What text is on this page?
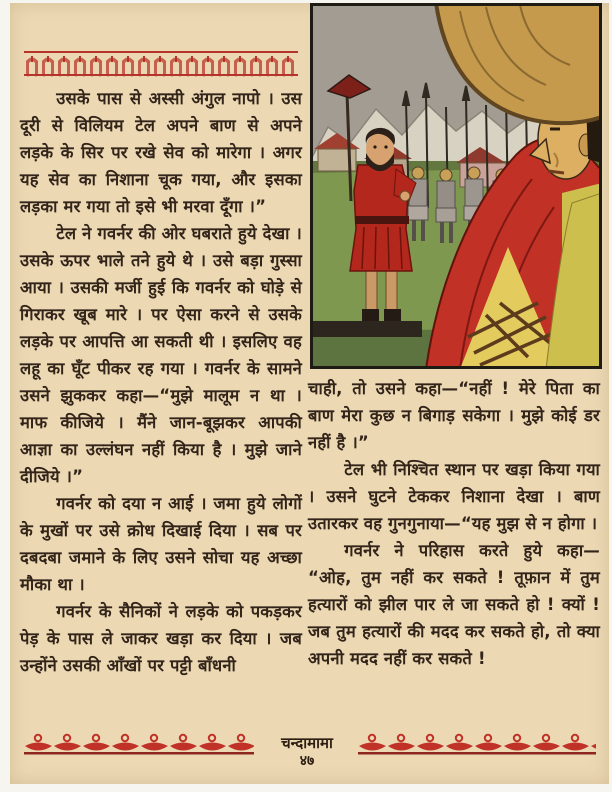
उसके पास से अस्सी अंगुल नापो । उस दूरी से विलियम टेल अपने बाण से अपने लड़के के सिर पर रखे सेव को मारेगा । अगर यह सेव का निशाना चूक गया, और इसका लड़का मर गया तो इसे भी मरवा दूँगा ।”

टेल ने गवर्नर की ओर घबराते हुये देखा । उसके ऊपर भाले तने हुये थे । उसे बड़ा गुस्सा आया । उसकी मर्जी हुई कि गवर्नर को घोड़े से गिराकर खूब मारे । पर ऐसा करने से उसके लड़के पर आपत्ति आ सकती थी । इसलिए वह लहू का घूँट पीकर रह गया । गवर्नर के सामने उसने झुककर कहा—“मुझे मालूम न था । माफ कीजिये । मैंने जान-बूझकर आपकी आज्ञा का उल्लंघन नहीं किया है । मुझे जाने दीजिये ।”

गवर्नर को दया न आई । जमा हुये लोगों के मुखों पर उसे क्रोध दिखाई दिया । सब पर दबदबा जमाने के लिए उसने सोचा यह अच्छा मौका था ।

गवर्नर के सैनिकों ने लड़के को पकड़कर पेड़ के पास ले जाकर खड़ा कर दिया । जब उन्होंने उसकी आँखों पर पट्टी बाँधनी

चाही, तो उसने कहा—“नहीं ! मेरे पिता का बाण मेरा कुछ न बिगाड़ सकेगा । मुझे कोई डर नहीं है ।”

टेल भी निश्चित स्थान पर खड़ा किया गया । उसने घुटने टेककर निशाना देखा । बाण उतारकर वह गुनगुनाया—“यह मुझ से न होगा ।

गवर्नर ने परिहास करते हुये कहा— “ओह, तुम नहीं कर सकते ! तूफ़ान में तुम हत्यारों को झील पार ले जा सकते हो ! क्यों ! जब तुम हत्यारों की मदद कर सकते हो, तो क्या अपनी मदद नहीं कर सकते !

चन्दामामा
४७
